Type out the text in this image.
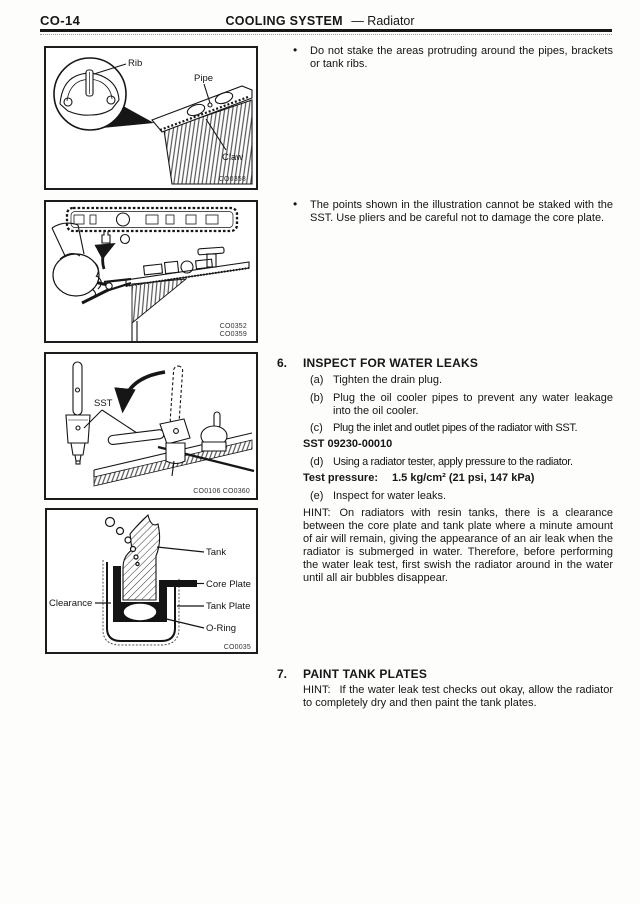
CO-14	COOLING SYSTEM — Radiator
Rib
Pipe
Claw
CO0358
CO0352
CO0359
SST
CO0106 CO0360
Tank
Core Plate
Tank Plate
O-Ring
Clearance
CO0035
• Do not stake the areas protruding around the pipes, brackets or tank ribs.
• The points shown in the illustration cannot be staked with the SST. Use pliers and be careful not to damage the core plate.
6. INSPECT FOR WATER LEAKS
(a) Tighten the drain plug.
(b) Plug the oil cooler pipes to prevent any water leakage into the oil cooler.
(c) Plug the inlet and outlet pipes of the radiator with SST.
SST 09230-00010
(d) Using a radiator tester, apply pressure to the radiator.
Test pressure: 1.5 kg/cm² (21 psi, 147 kPa)
(e) Inspect for water leaks.
HINT: On radiators with resin tanks, there is a clearance between the core plate and tank plate where a minute amount of air will remain, giving the appearance of an air leak when the radiator is submerged in water. Therefore, before performing the water leak test, first swish the radiator around in the water until all air bubbles disappear.
7. PAINT TANK PLATES
HINT: If the water leak test checks out okay, allow the radiator to completely dry and then paint the tank plates.
